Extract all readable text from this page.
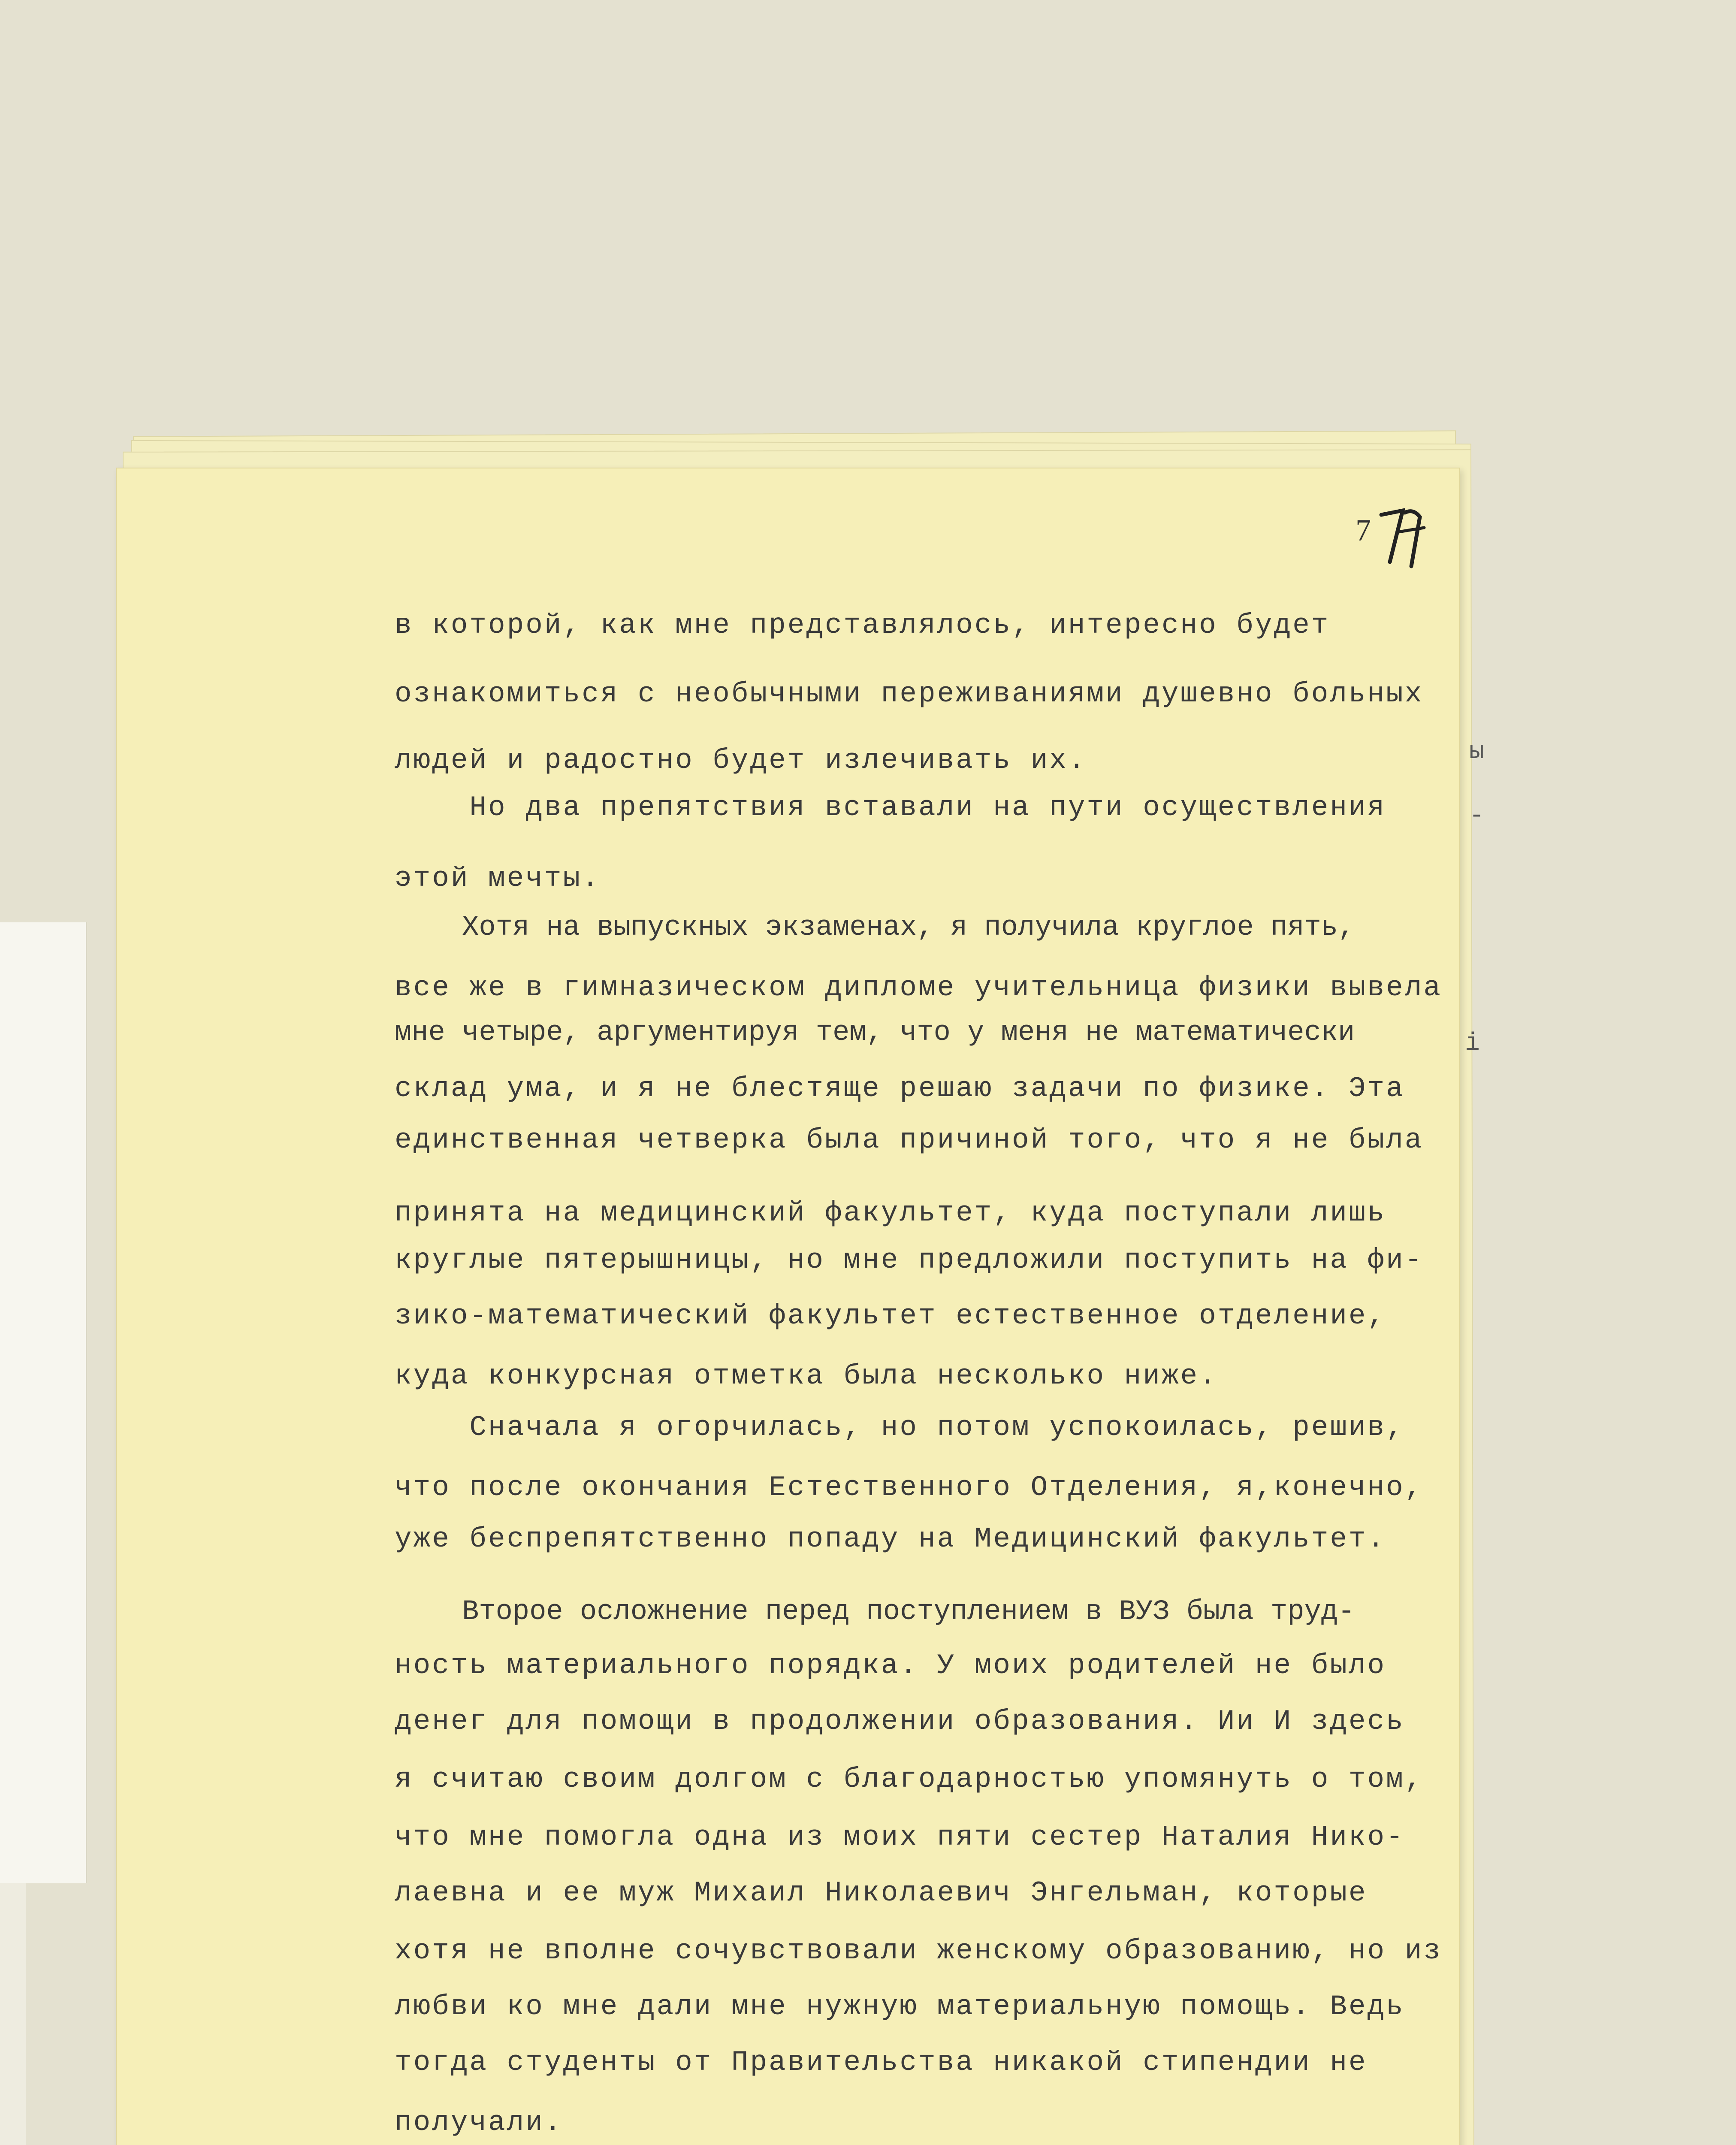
7
в которой, как мне представлялось, интересно будет
ознакомиться с необычными переживаниями душевно больных
людей и радостно будет излечивать их.
Но два препятствия вставали на пути осуществления
этой мечты.
Хотя на выпускных экзаменах, я получила круглое пять,
все же в гимназическом дипломе учительница физики вывела
мне четыре, аргументируя тем, что у меня не математически
склад ума, и я не блестяще решаю задачи по физике. Эта
единственная четверка была причиной того, что я не была
принята на медицинский факультет, куда поступали лишь
круглые пятерышницы, но мне предложили поступить на фи-
зико-математический факультет естественное отделение,
куда конкурсная отметка была несколько ниже.
Сначала я огорчилась, но потом успокоилась, решив,
что после окончания Естественного Отделения, я,конечно,
уже беспрепятственно попаду на Медицинский факультет.
Второе осложнение перед поступлением в ВУЗ была труд-
ность материального порядка. У моих родителей не было
денег для помощи в продолжении образования. Ии И здесь
я считаю своим долгом с благодарностью упомянуть о том,
что мне помогла одна из моих пяти сестер Наталия Нико-
лаевна и ее муж Михаил Николаевич Энгельман, которые
хотя не вполне сочувствовали женскому образованию, но из
любви ко мне дали мне нужную материальную помощь. Ведь
тогда студенты от Правительства никакой стипендии не
получали.
ы
-
і
